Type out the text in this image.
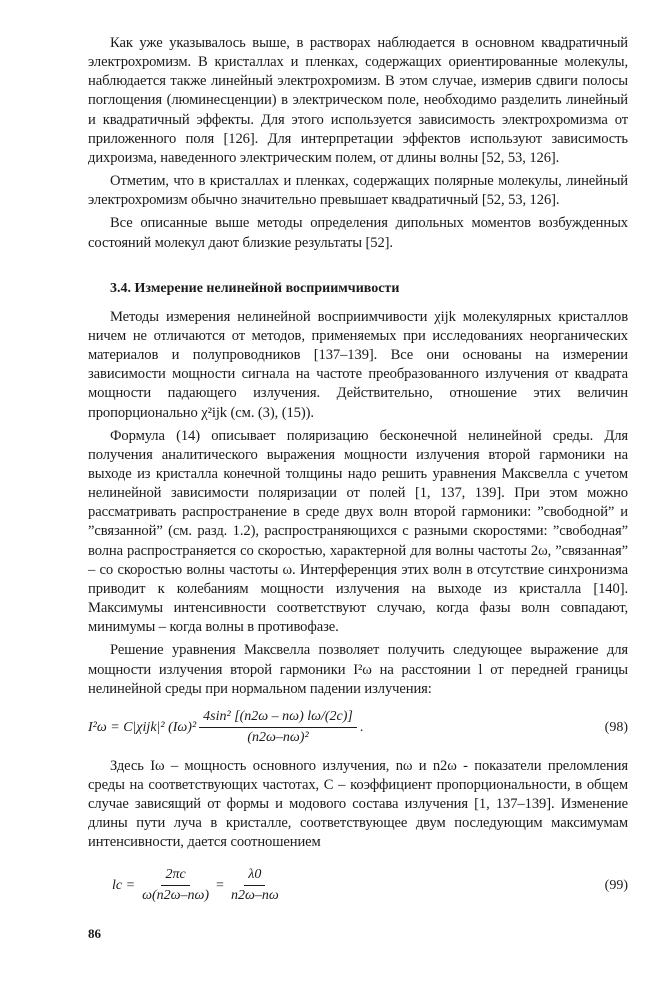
Как уже указывалось выше, в растворах наблюдается в основном квадратичный электрохромизм. В кристаллах и пленках, содержащих ориентированные молекулы, наблюдается также линейный электрохромизм. В этом случае, измерив сдвиги полосы поглощения (люминесценции) в электрическом поле, необходимо разделить линейный и квадратичный эффекты. Для этого используется зависимость электрохромизма от приложенного поля [126]. Для интерпретации эффектов используют зависимость дихроизма, наведенного электрическим полем, от длины волны [52, 53, 126].

Отметим, что в кристаллах и пленках, содержащих полярные молекулы, линейный электрохромизм обычно значительно превышает квадратичный [52, 53, 126].

Все описанные выше методы определения дипольных моментов возбужденных состояний молекул дают близкие результаты [52].

3.4. Измерение нелинейной восприимчивости

Методы измерения нелинейной восприимчивости χijk молекулярных кристаллов ничем не отличаются от методов, применяемых при исследованиях неорганических материалов и полупроводников [137–139]. Все они основаны на измерении зависимости мощности сигнала на частоте преобразованного излучения от квадрата мощности падающего излучения. Действительно, отношение этих величин пропорционально χ²ijk (см. (3), (15)).

Формула (14) описывает поляризацию бесконечной нелинейной среды. Для получения аналитического выражения мощности излучения второй гармоники на выходе из кристалла конечной толщины надо решить уравнения Максвелла с учетом нелинейной зависимости поляризации от полей [1, 137, 139]. При этом можно рассматривать распространение в среде двух волн второй гармоники: ”свободной” и ”связанной” (см. разд. 1.2), распространяющихся с разными скоростями: ”свободная” волна распространяется со скоростью, характерной для волны частоты 2ω, ”связанная” – со скоростью волны частоты ω. Интерференция этих волн в отсутствие синхронизма приводит к колебаниям мощности излучения на выходе из кристалла [140]. Максимумы интенсивности соответствуют случаю, когда фазы волн совпадают, минимумы – когда волны в противофазе.

Решение уравнения Максвелла позволяет получить следующее выражение для мощности излучения второй гармоники I²ω на расстоянии l от передней границы нелинейной среды при нормальном падении излучения:

I²ω = C|χijk|² $(I\omega)^2 \frac{\text{4sin² [(n2ω – nω) lω/(2c)]}}{\text{(n2ω–nω)²}}$ .	(98)

Здесь Iω – мощность основного излучения, nω и n2ω - показатели преломления среды на соответствующих частотах, C – коэффициент пропорциональности, в общем случае зависящий от формы и модового состава излучения [1, 137–139]. Изменение длины пути луча в кристалле, соответствующее двум последующим максимумам интенсивности, дается соотношением

lc = $\frac{2\pi c}{\omega(n2\omega-n\omega)} = \frac{\lambda 0}{n2\omega-n\omega}$	(99)
86
